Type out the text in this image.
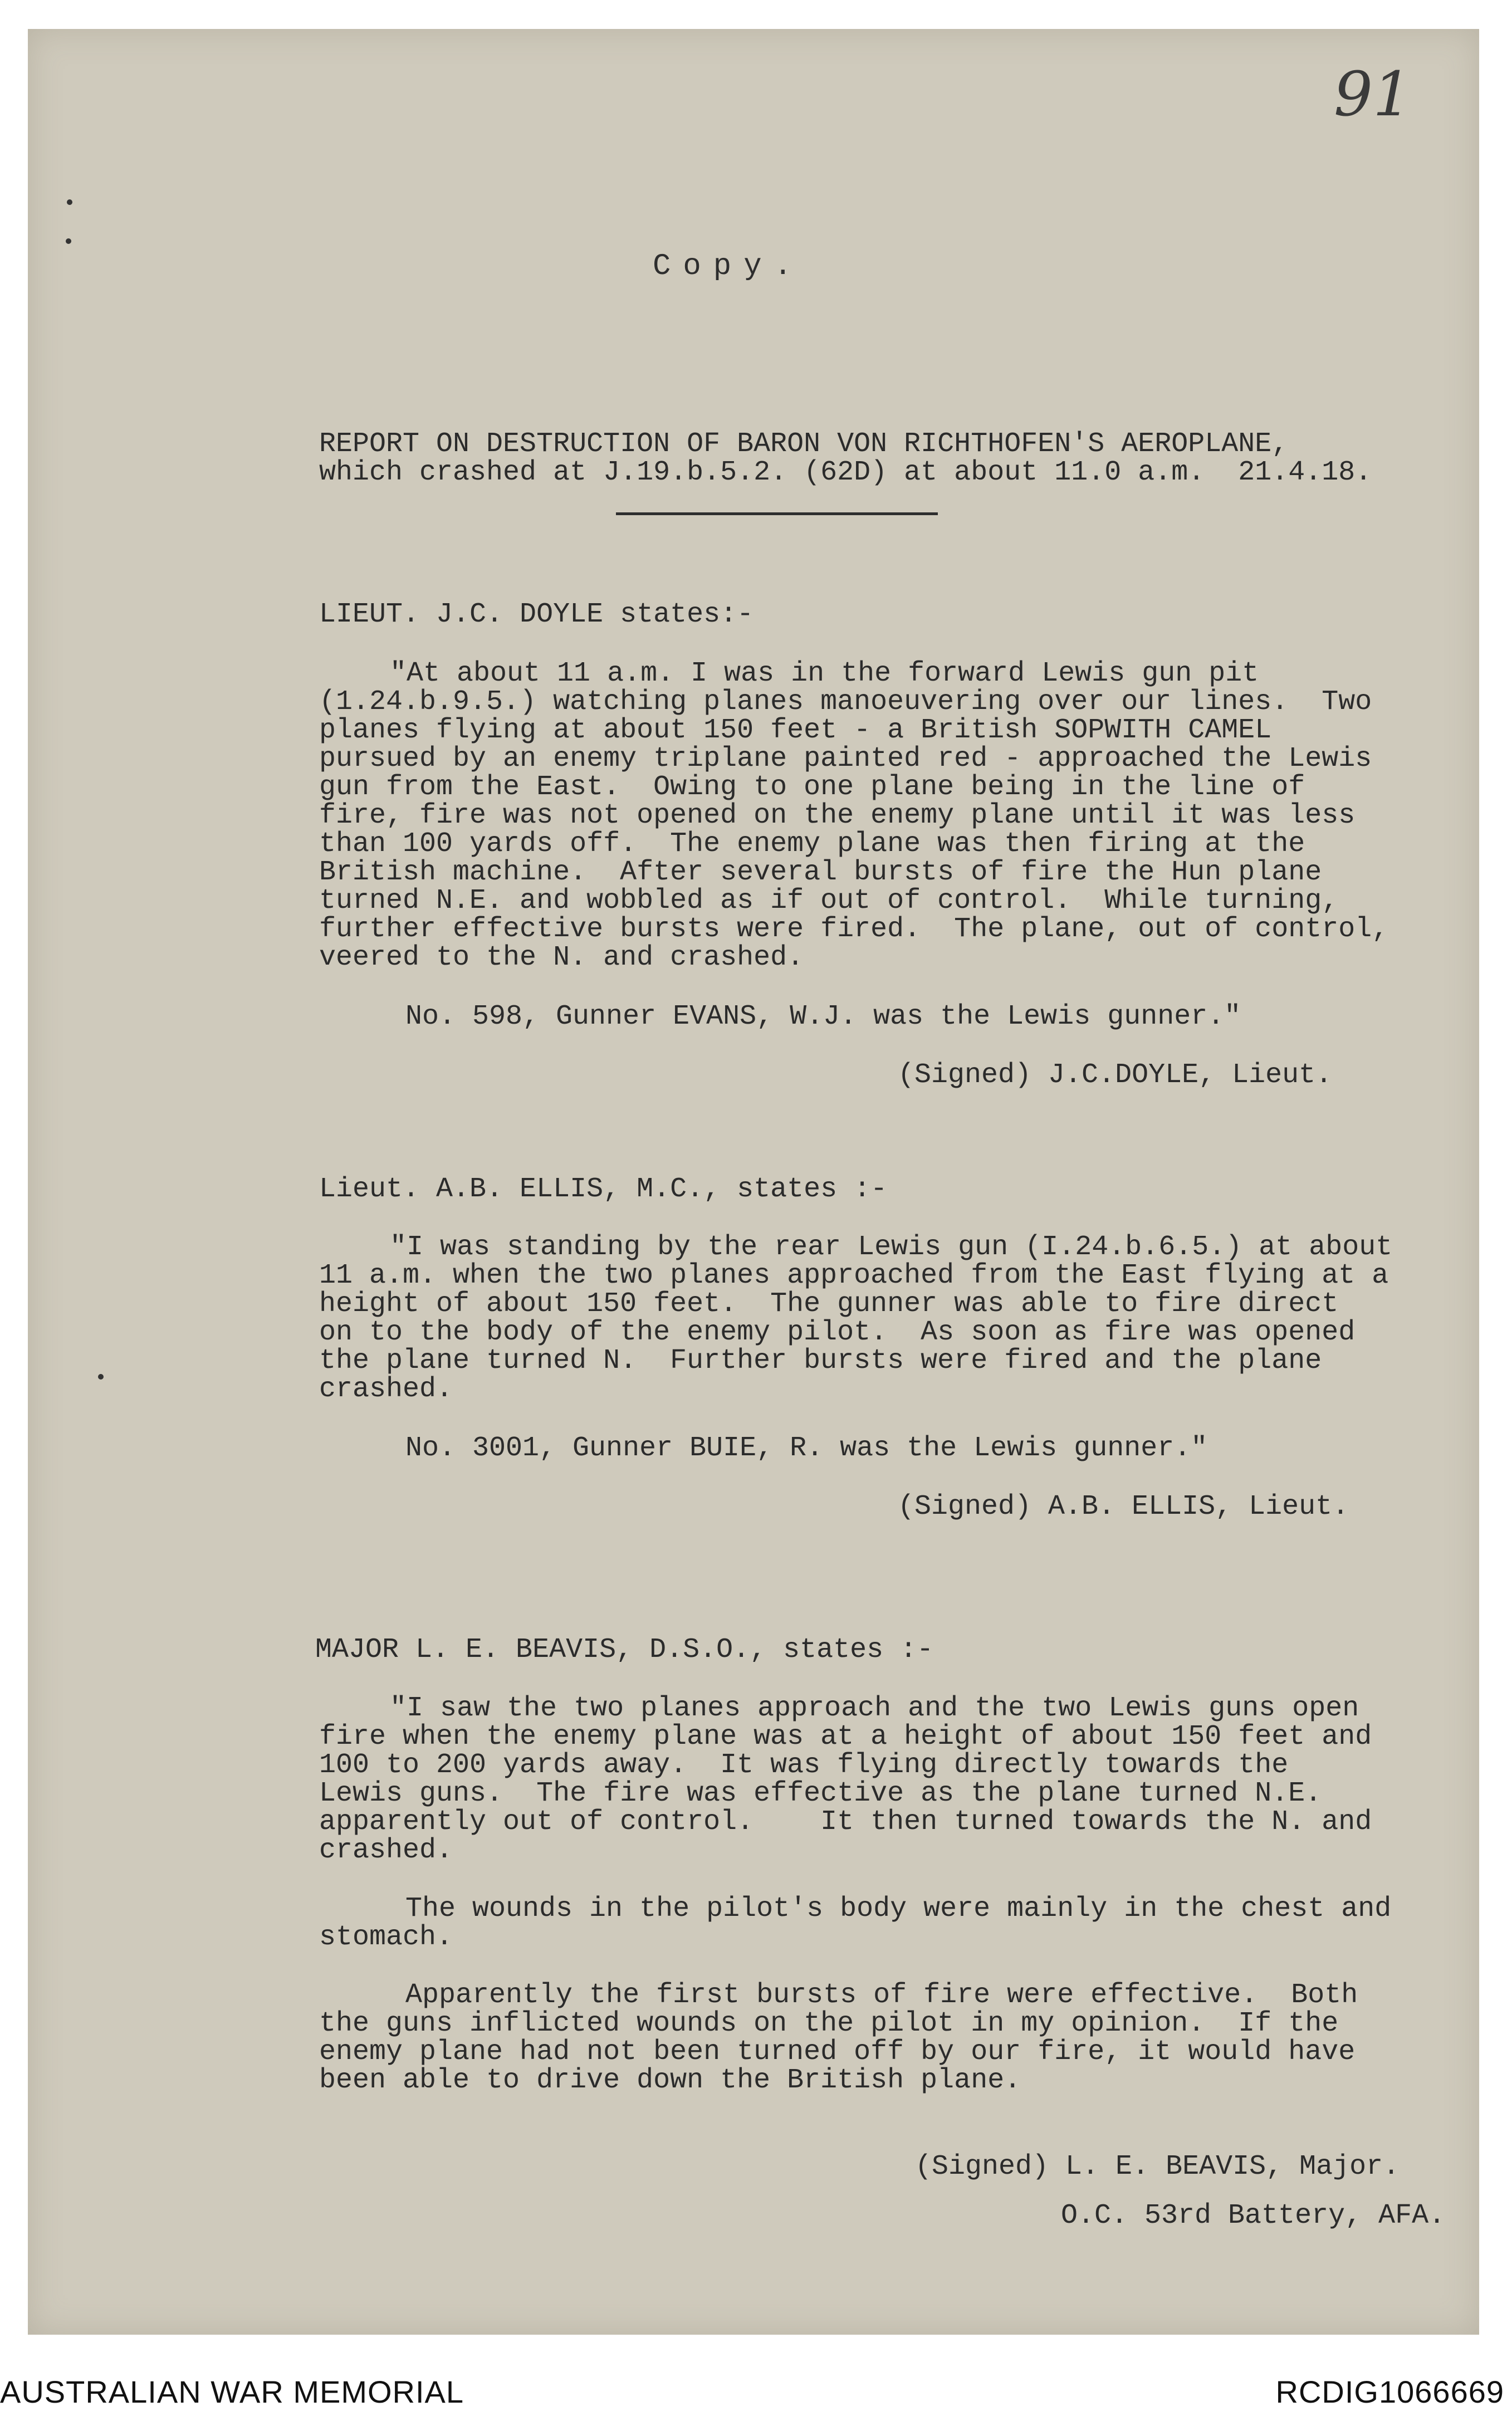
91
Copy.

REPORT ON DESTRUCTION OF BARON VON RICHTHOFEN'S AEROPLANE,

which crashed at J.19.b.5.2. (62D) at about 11.0 a.m.  21.4.18.

LIEUT. J.C. DOYLE states:-

"At about 11 a.m. I was in the forward Lewis gun pit

(1.24.b.9.5.) watching planes manoeuvering over our lines.  Two

planes flying at about 150 feet - a British SOPWITH CAMEL

pursued by an enemy triplane painted red - approached the Lewis

gun from the East.  Owing to one plane being in the line of

fire, fire was not opened on the enemy plane until it was less

than 100 yards off.  The enemy plane was then firing at the

British machine.  After several bursts of fire the Hun plane

turned N.E. and wobbled as if out of control.  While turning,

further effective bursts were fired.  The plane, out of control,

veered to the N. and crashed.

No. 598, Gunner EVANS, W.J. was the Lewis gunner."

(Signed) J.C.DOYLE, Lieut.

Lieut. A.B. ELLIS, M.C., states :-

"I was standing by the rear Lewis gun (I.24.b.6.5.) at about

11 a.m. when the two planes approached from the East flying at a

height of about 150 feet.  The gunner was able to fire direct

on to the body of the enemy pilot.  As soon as fire was opened

the plane turned N.  Further bursts were fired and the plane

crashed.

No. 3001, Gunner BUIE, R. was the Lewis gunner."

(Signed) A.B. ELLIS, Lieut.

MAJOR L. E. BEAVIS, D.S.O., states :-

"I saw the two planes approach and the two Lewis guns open

fire when the enemy plane was at a height of about 150 feet and

100 to 200 yards away.  It was flying directly towards the

Lewis guns.  The fire was effective as the plane turned N.E.

apparently out of control.    It then turned towards the N. and

crashed.

The wounds in the pilot's body were mainly in the chest and

stomach.

Apparently the first bursts of fire were effective.  Both

the guns inflicted wounds on the pilot in my opinion.  If the

enemy plane had not been turned off by our fire, it would have

been able to drive down the British plane.

(Signed) L. E. BEAVIS, Major.

O.C. 53rd Battery, AFA.

AUSTRALIAN WAR MEMORIAL	RCDIG1066669
